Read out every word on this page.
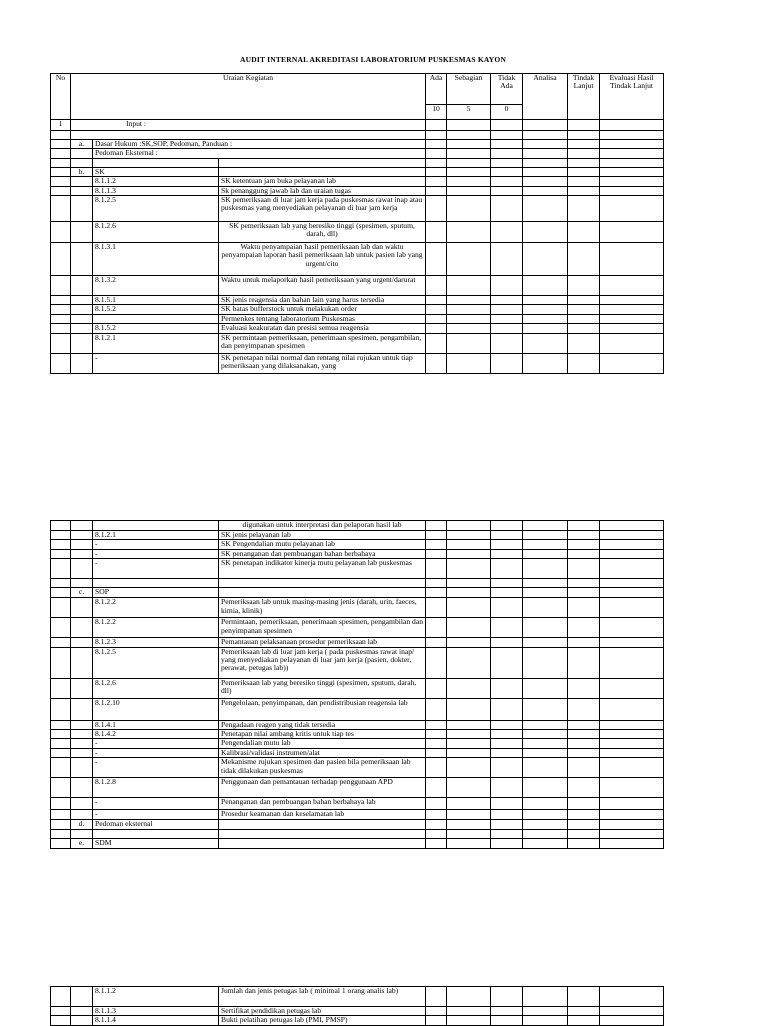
AUDIT INTERNAL AKREDITASI LABORATORIUM PUSKESMAS KAYON
No	Uraian Kegiatan			Ada	Sebagian	Tidak Ada	Analisa	Tindak Lanjut	Evaluasi Hasil Tindak Lanjut
				10	5	0			
1	Input :								

	a.	Dasar Hukum :SK,SOP, Pedoman, Panduan :							
		Pedoman Eksternal :							

	b.	SK							
		8.1.1.2	SK ketentuan jam buka pelayanan lab						
		8.1.1.3	Sk penanggung jawab lab dan uraian tugas						
		8.1.2.5	SK pemeriksaan di luar jam kerja pada puskesmas rawat inap atau puskesmas yang menyediakan pelayanan di luar jam kerja						
		8.1.2.6	SK pemeriksaan lab yang beresiko tinggi (spesimen, sputum, darah, dll)						
		8.1.3.1	Waktu penyampaian hasil pemeriksaan lab dan waktu penyampaian laporan hasil pemeriksaan lab untuk pasien lab yang urgent/cito						
		8.1.3.2	Waktu untuk melaporkan hasil pemeriksaan yang urgent/darurat						
		8.1.5.1	SK jenis reagensia dan bahan lain yang harus tersedia						
		8.1.5.2	SK batas bufferstock untuk melakukan order						
			Permenkes tentang laboratorium Puskesmas						
		8.1.5.2	Evaluasi keakuratan dan presisi semua reagensia						
		8.1.2.1	SK permintaan pemeriksaan, penerimaan spesimen, pengambilan, dan penyimpanan spesimen						
		-	SK penetapan nilai normal dan rentang nilai rujukan untuk tiap pemeriksaan yang dilaksanakan, yang						
			digunakan untuk interpretasi dan pelaporan hasil lab						
		8.1.2.1	SK jenis pelayanan lab						
		-	SK Pengendalian mutu pelayanan lab						
		-	SK penanganan dan pembuangan bahan berbahaya						
		-	SK penetapan indikator kinerja mutu pelayanan lab puskesmas						

	c.	SOP							
		8.1.2.2	Pemeriksaan lab untuk masing-masing jenis (darah, urin, faeces, kimia, klinik)						
		8.1.2.2	Permintaan, pemeriksaan, penerimaan spesimen, pengambilan dan penyimpanan spesimen						
		8.1.2.3	Pemantauan pelaksanaan prosedur pemeriksaan lab						
		8.1.2.5	Pemeriksaan lab di luar jam kerja ( pada puskesmas rawat inap/ yang menyediakan pelayanan di luar jam kerja (pasien, dokter, perawat, petugas lab))						
		8.1.2.6	Pemeriksaan lab yang beresiko tinggi (spesimen, sputum, darah, dll)						
		8.1.2.10	Pengelolaan, penyimpanan, dan pendistribusian reagensia lab						
		8.1.4.1	Pengadaan reagen yang tidak tersedia						
		8.1.4.2	Penetapan nilai ambang kritis untuk tiap tes						
		-	Pengendalian mutu lab						
		-	Kalibrasi/validasi instrumen/alat						
		-	Mekanisme rujukan spesimen dan pasien bila pemeriksaan lab tidak dilakukan puskesmas						
		8.1.2.8	Penggunaan dan pemantauan terhadap penggunaan APD						
		-	Penanganan dan pembuangan bahan berbahaya lab						
		-	Prosedur keamanan dan keselamatan lab						
	d.	Pedoman eksternal							

	e.	SDM							
		8.1.1.2	Jumlah dan jenis petugas lab ( minimal 1 orang analis lab)						
		8.1.1.3	Sertifikat pendidikan petugas lab						
		8.1.1.4	Bukti pelatihan petugas lab (PMI, PMSP)						
